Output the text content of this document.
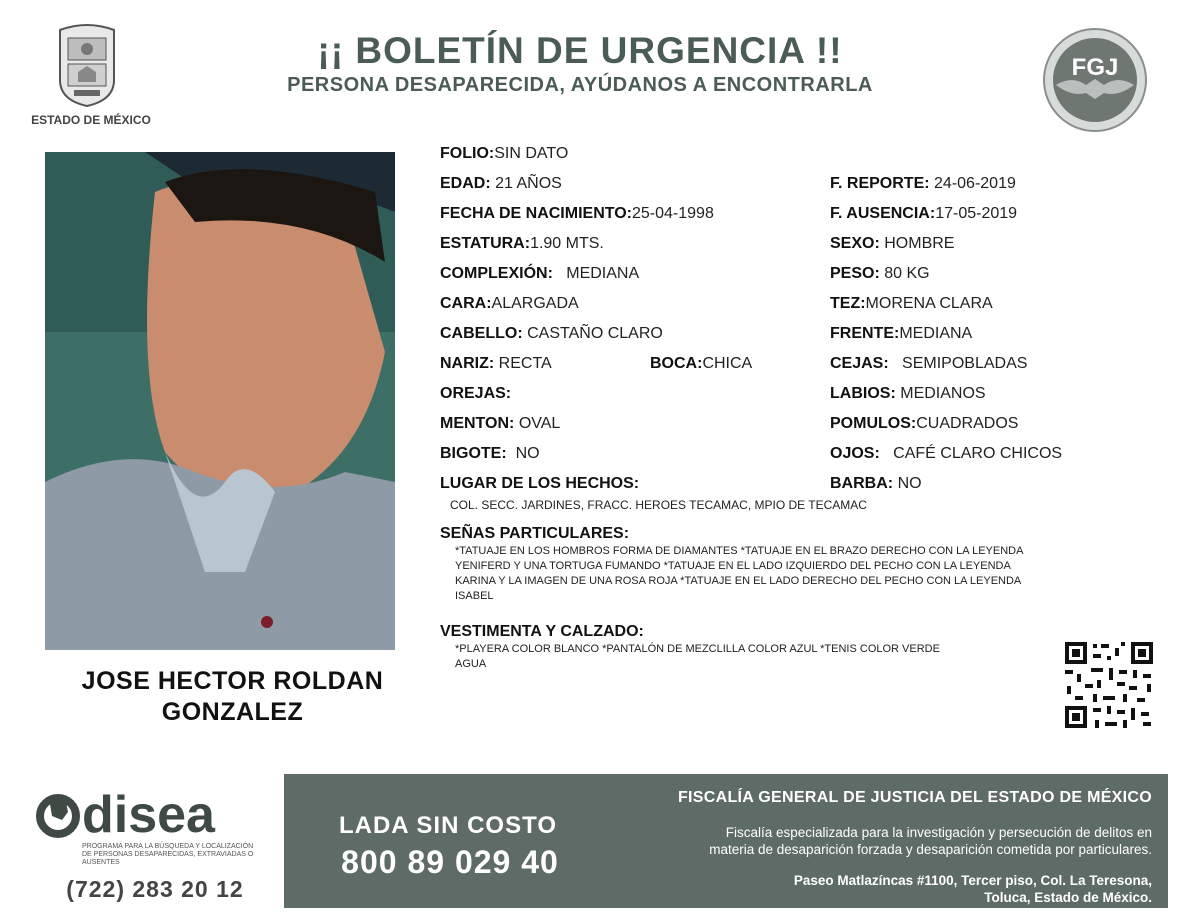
ESTADO DE MÉXICO
¡¡ BOLETÍN DE URGENCIA !!
PERSONA DESAPARECIDA, AYÚDANOS A ENCONTRARLA
FGJ
JOSE HECTOR ROLDAN
GONZALEZ
FOLIO:SIN DATO
EDAD: 21 AÑOS
FECHA DE NACIMIENTO:25-04-1998
ESTATURA:1.90 MTS.
COMPLEXIÓN: MEDIANA
CARA:ALARGADA
CABELLO: CASTAÑO CLARO
NARIZ: RECTA	BOCA:CHICA
OREJAS:
MENTON: OVAL
BIGOTE: NO
LUGAR DE LOS HECHOS:
COL. SECC. JARDINES, FRACC. HEROES TECAMAC, MPIO DE TECAMAC
F. REPORTE: 24-06-2019
F. AUSENCIA:17-05-2019
SEXO: HOMBRE
PESO: 80 KG
TEZ:MORENA CLARA
FRENTE:MEDIANA
CEJAS: SEMIPOBLADAS
LABIOS: MEDIANOS
POMULOS:CUADRADOS
OJOS: CAFÉ CLARO CHICOS
BARBA: NO
SEÑAS PARTICULARES:
*TATUAJE EN LOS HOMBROS FORMA DE DIAMANTES *TATUAJE EN EL BRAZO DERECHO CON LA LEYENDA
YENIFERD Y UNA TORTUGA FUMANDO *TATUAJE EN EL LADO IZQUIERDO DEL PECHO CON LA LEYENDA
KARINA Y LA IMAGEN DE UNA ROSA ROJA *TATUAJE EN EL LADO DERECHO DEL PECHO CON LA LEYENDA
ISABEL
VESTIMENTA Y CALZADO:
*PLAYERA COLOR BLANCO *PANTALÓN DE MEZCLILLA COLOR AZUL *TENIS COLOR VERDE
AGUA
disea
PROGRAMA PARA LA BÚSQUEDA Y LOCALIZACIÓN
DE PERSONAS DESAPARECIDAS, EXTRAVIADAS O
AUSENTES
(722) 283 20 12
LADA SIN COSTO
800 89 029 40
FISCALÍA GENERAL DE JUSTICIA DEL ESTADO DE MÉXICO
Fiscalía especializada para la investigación y persecución de delitos en
materia de desaparición forzada y desaparición cometida por particulares.
Paseo Matlazíncas #1100, Tercer piso, Col. La Teresona,
Toluca, Estado de México.
